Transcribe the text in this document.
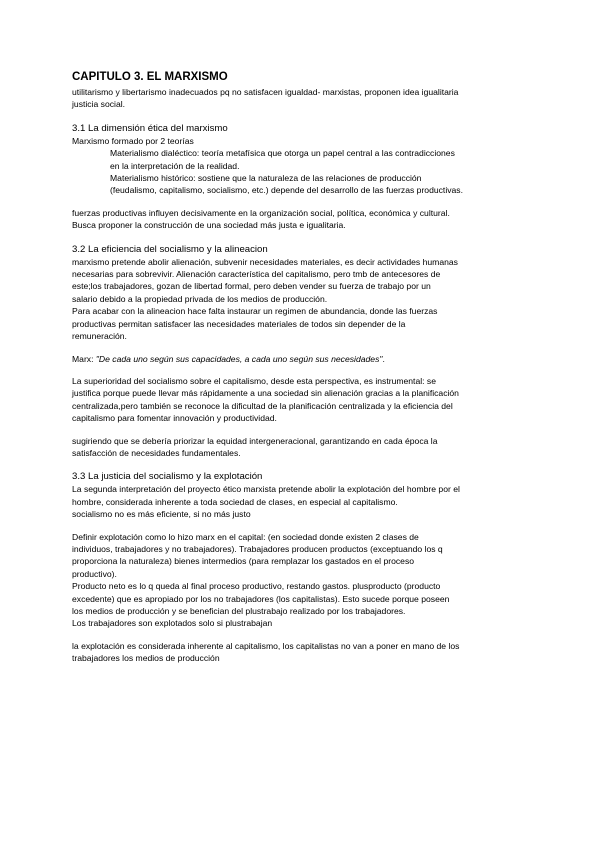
CAPITULO 3. EL MARXISMO
utilitarismo y libertarismo inadecuados pq no satisfacen igualdad- marxistas, proponen idea igualitaria
justicia social.
3.1 La dimensión ética del marxismo
Marxismo formado por 2 teorías
Materialismo dialéctico: teoría metafísica que otorga un papel central a las contradicciones
en la interpretación de la realidad.
Materialismo histórico: sostiene que la naturaleza de las relaciones de producción
(feudalismo, capitalismo, socialismo, etc.) depende del desarrollo de las fuerzas productivas.
fuerzas productivas influyen decisivamente en la organización social, política, económica y cultural.
Busca proponer la construcción de una sociedad más justa e igualitaria.
3.2 La eficiencia del socialismo y la alineacion
marxismo pretende abolir alienación, subvenir necesidades materiales, es decir actividades humanas
necesarias para sobrevivir. Alienación característica del capitalismo, pero tmb de antecesores de
este;los trabajadores, gozan de libertad formal, pero deben vender su fuerza de trabajo por un
salario debido a la propiedad privada de los medios de producción.
Para acabar con la alineacion hace falta instaurar un regimen de abundancia, donde las fuerzas
productivas permitan satisfacer las necesidades materiales de todos sin depender de la
remuneración.
Marx: "De cada uno según sus capacidades, a cada uno según sus necesidades".
La superioridad del socialismo sobre el capitalismo, desde esta perspectiva, es instrumental: se
justifica porque puede llevar más rápidamente a una sociedad sin alienación gracias a la planificación
centralizada,pero también se reconoce la dificultad de la planificación centralizada y la eficiencia del
capitalismo para fomentar innovación y productividad.
sugiriendo que se debería priorizar la equidad intergeneracional, garantizando en cada época la
satisfacción de necesidades fundamentales.
3.3 La justicia del socialismo y la explotación
La segunda interpretación del proyecto ético marxista pretende abolir la explotación del hombre por el
hombre, considerada inherente a toda sociedad de clases, en especial al capitalismo.
socialismo no es más eficiente, si no más justo
Definir explotación como lo hizo marx en el capital: (en sociedad donde existen 2 clases de
individuos, trabajadores y no trabajadores). Trabajadores producen productos (exceptuando los q
proporciona la naturaleza) bienes intermedios (para remplazar los gastados en el proceso
productivo).
Producto neto es lo q queda al final proceso productivo, restando gastos. plusproducto (producto
excedente) que es apropiado por los no trabajadores (los capitalistas). Esto sucede porque poseen
los medios de producción y se benefician del plustrabajo realizado por los trabajadores.
Los trabajadores son explotados solo si plustrabajan
la explotación es considerada inherente al capitalismo, los capitalistas no van a poner en mano de los
trabajadores los medios de producción
